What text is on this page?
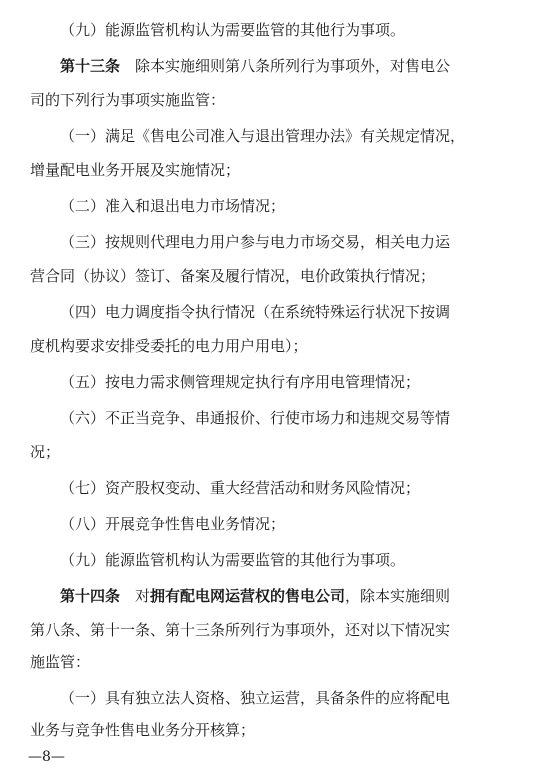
（九）能源监管机构认为需要监管的其他行为事项。
第十三条　除本实施细则第八条所列行为事项外，对售电公
司的下列行为事项实施监管：
（一）满足《售电公司准入与退出管理办法》有关规定情况，
增量配电业务开展及实施情况；
（二）准入和退出电力市场情况；
（三）按规则代理电力用户参与电力市场交易，相关电力运
营合同（协议）签订、备案及履行情况，电价政策执行情况；
（四）电力调度指令执行情况（在系统特殊运行状况下按调
度机构要求安排受委托的电力用户用电）；
（五）按电力需求侧管理规定执行有序用电管理情况；
（六）不正当竞争、串通报价、行使市场力和违规交易等情
况；
（七）资产股权变动、重大经营活动和财务风险情况；
（八）开展竞争性售电业务情况；
（九）能源监管机构认为需要监管的其他行为事项。
第十四条　对拥有配电网运营权的售电公司，除本实施细则
第八条、第十一条、第十三条所列行为事项外，还对以下情况实
—8—
施监管：
（一）具有独立法人资格、独立运营，具备条件的应将配电
业务与竞争性售电业务分开核算；
